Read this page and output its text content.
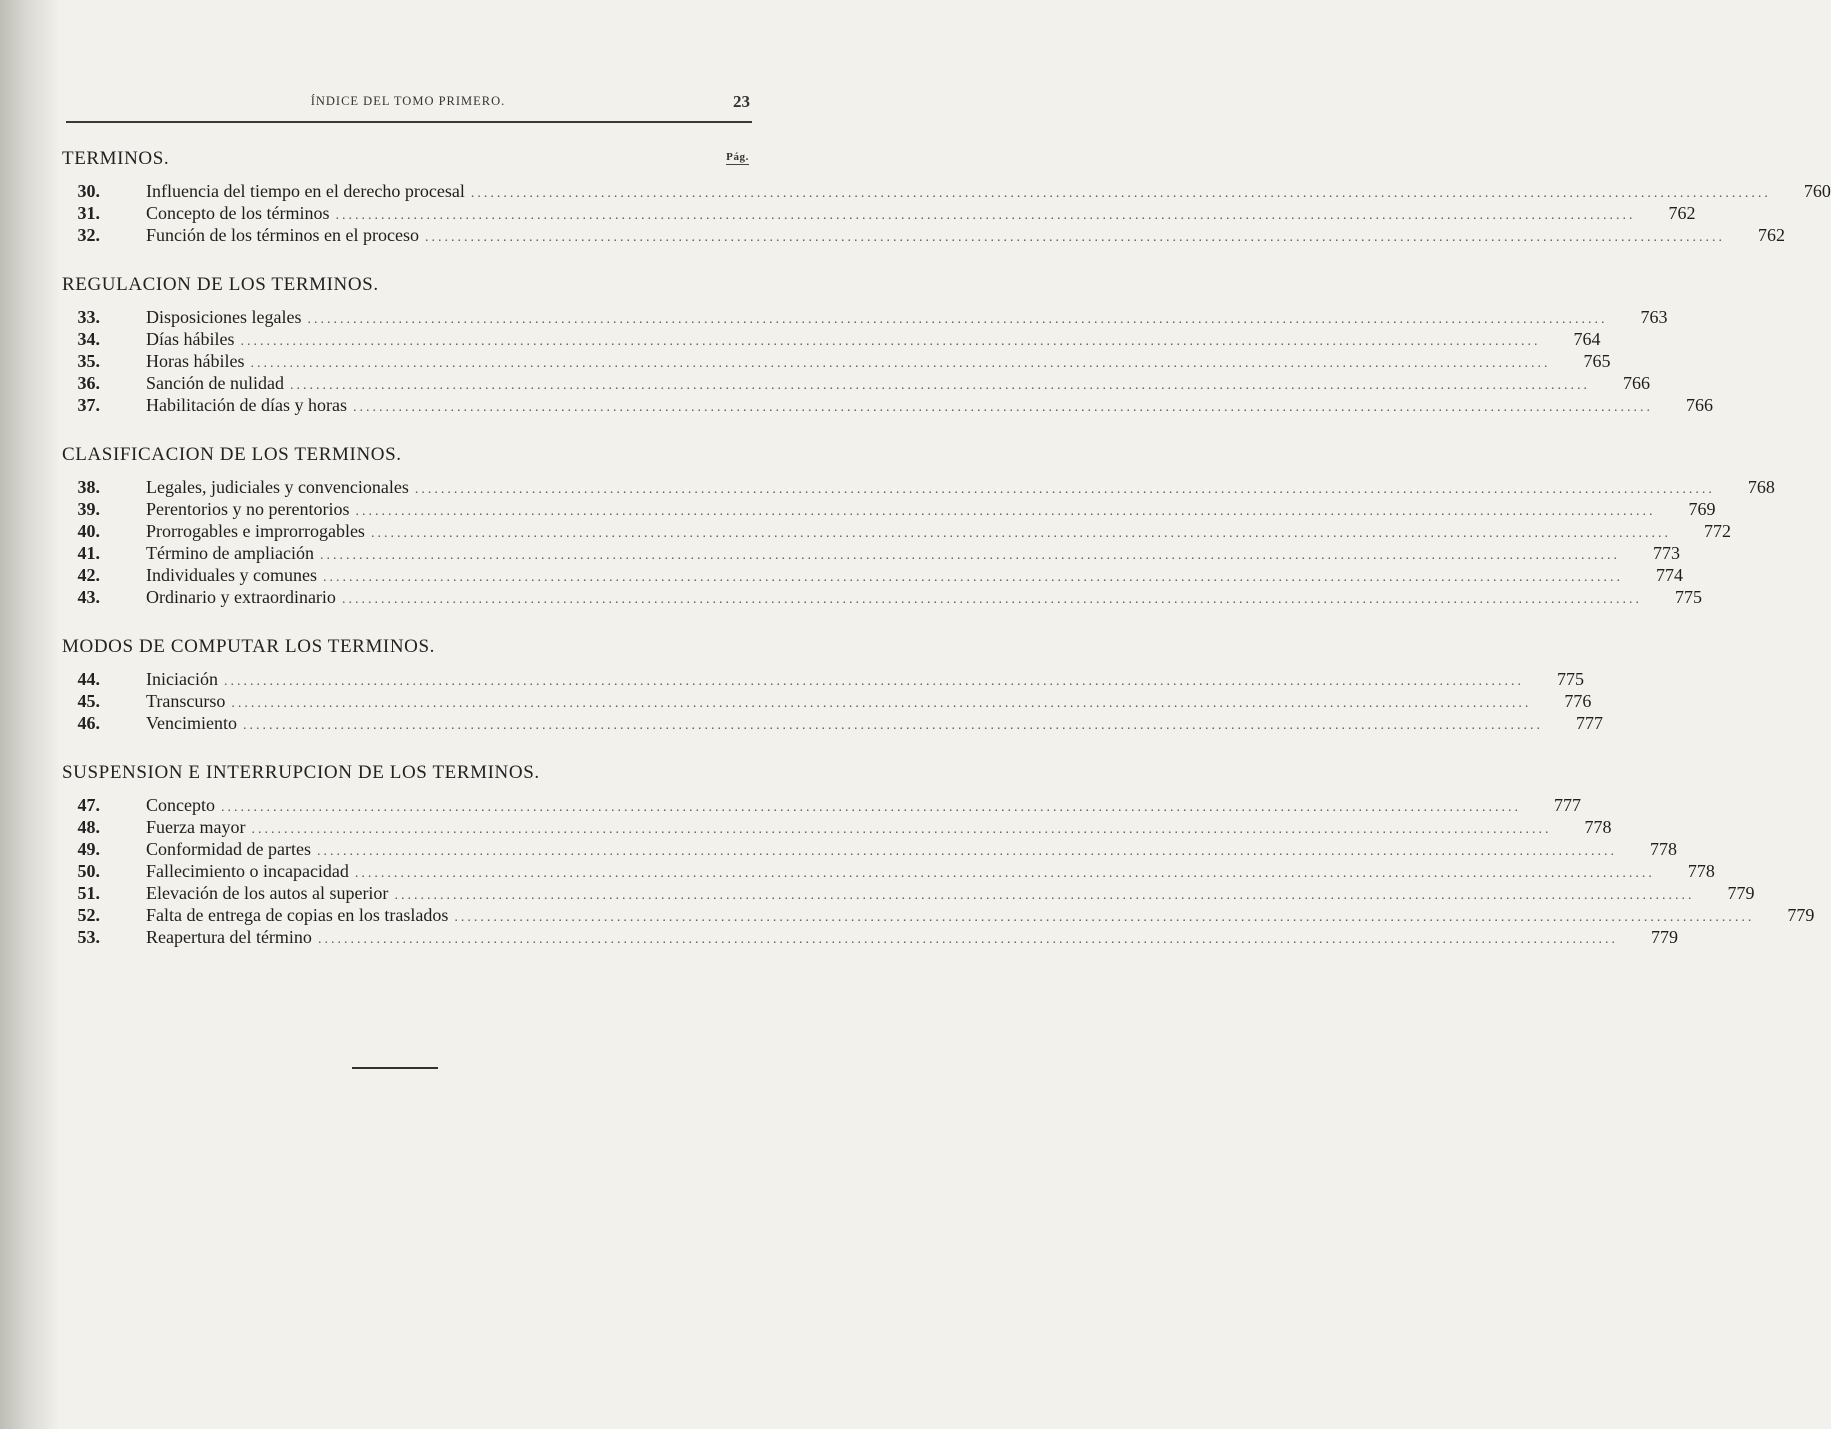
ÍNDICE DEL TOMO PRIMERO.	23
TERMINOS.	Pág.
30.	Influencia del tiempo en el derecho procesal ........................................................................................................................................................................................................	760
31.	Concepto de los términos ........................................................................................................................................................................................................	762
32.	Función de los términos en el proceso ........................................................................................................................................................................................................	762
REGULACION DE LOS TERMINOS.
33.	Disposiciones legales ........................................................................................................................................................................................................	763
34.	Días hábiles ........................................................................................................................................................................................................	764
35.	Horas hábiles ........................................................................................................................................................................................................	765
36.	Sanción de nulidad ........................................................................................................................................................................................................	766
37.	Habilitación de días y horas ........................................................................................................................................................................................................	766
CLASIFICACION DE LOS TERMINOS.
38.	Legales, judiciales y convencionales ........................................................................................................................................................................................................	768
39.	Perentorios y no perentorios ........................................................................................................................................................................................................	769
40.	Prorrogables e improrrogables ........................................................................................................................................................................................................	772
41.	Término de ampliación ........................................................................................................................................................................................................	773
42.	Individuales y comunes ........................................................................................................................................................................................................	774
43.	Ordinario y extraordinario ........................................................................................................................................................................................................	775
MODOS DE COMPUTAR LOS TERMINOS.
44.	Iniciación ........................................................................................................................................................................................................	775
45.	Transcurso ........................................................................................................................................................................................................	776
46.	Vencimiento ........................................................................................................................................................................................................	777
SUSPENSION E INTERRUPCION DE LOS TERMINOS.
47.	Concepto ........................................................................................................................................................................................................	777
48.	Fuerza mayor ........................................................................................................................................................................................................	778
49.	Conformidad de partes ........................................................................................................................................................................................................	778
50.	Fallecimiento o incapacidad ........................................................................................................................................................................................................	778
51.	Elevación de los autos al superior ........................................................................................................................................................................................................	779
52.	Falta de entrega de copias en los traslados ........................................................................................................................................................................................................	779
53.	Reapertura del término ........................................................................................................................................................................................................	779
